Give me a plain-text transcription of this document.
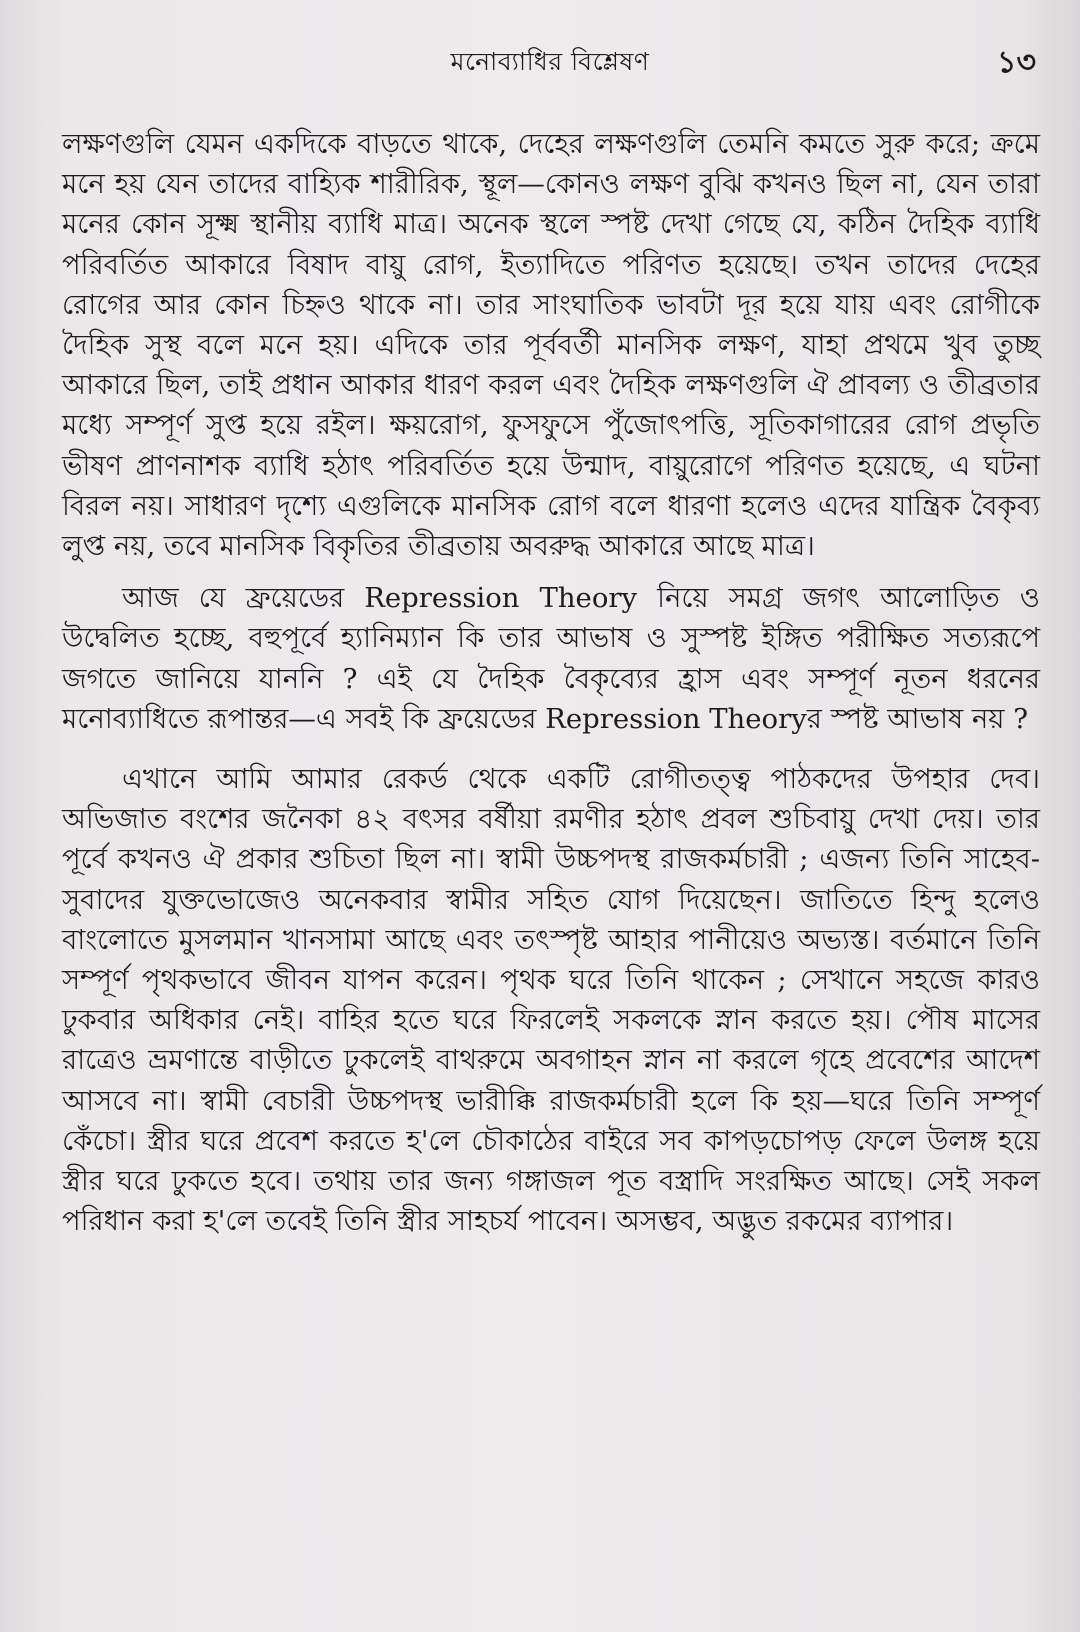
মনোব্যাধির বিশ্লেষণ	১৩

লক্ষণগুলি যেমন একদিকে বাড়তে থাকে, দেহের লক্ষণগুলি তেমনি কমতে সুরু করে; ক্রমে মনে হয় যেন তাদের বাহ্যিক শারীরিক, স্থূল—কোনও লক্ষণ বুঝি কখনও ছিল না, যেন তারা মনের কোন সূক্ষ্ম স্থানীয় ব্যাধি মাত্র। অনেক স্থলে স্পষ্ট দেখা গেছে যে, কঠিন দৈহিক ব্যাধি পরিবর্তিত আকারে বিষাদ বায়ু রোগ, ইত্যাদিতে পরিণত হয়েছে। তখন তাদের দেহের রোগের আর কোন চিহ্নও থাকে না। তার সাংঘাতিক ভাবটা দূর হয়ে যায় এবং রোগীকে দৈহিক সুস্থ বলে মনে হয়। এদিকে তার পূর্ববর্তী মানসিক লক্ষণ, যাহা প্রথমে খুব তুচ্ছ আকারে ছিল, তাই প্রধান আকার ধারণ করল এবং দৈহিক লক্ষণগুলি ঐ প্রাবল্য ও তীব্রতার মধ্যে সম্পূর্ণ সুপ্ত হয়ে রইল। ক্ষয়রোগ, ফুসফুসে পুঁজোৎপত্তি, সূতিকাগারের রোগ প্রভৃতি ভীষণ প্রাণনাশক ব্যাধি হঠাৎ পরিবর্তিত হয়ে উন্মাদ, বায়ুরোগে পরিণত হয়েছে, এ ঘটনা বিরল নয়। সাধারণ দৃশ্যে এগুলিকে মানসিক রোগ বলে ধারণা হলেও এদের যান্ত্রিক বৈকৃব্য লুপ্ত নয়, তবে মানসিক বিকৃতির তীব্রতায় অবরুদ্ধ আকারে আছে মাত্র।

আজ যে ফ্রয়েডের Repression Theory নিয়ে সমগ্র জগৎ আলোড়িত ও উদ্বেলিত হচ্ছে, বহুপূর্বে হ্যানিম্যান কি তার আভাষ ও সুস্পষ্ট ইঙ্গিত পরীক্ষিত সত্যরূপে জগতে জানিয়ে যাননি ? এই যে দৈহিক বৈকৃব্যের হ্রাস এবং সম্পূর্ণ নূতন ধরনের মনোব্যাধিতে রূপান্তর—এ সবই কি ফ্রয়েডের Repression Theoryর স্পষ্ট আভাষ নয় ?

এখানে আমি আমার রেকর্ড থেকে একটি রোগীতত্ত্ব পাঠকদের উপহার দেব। অভিজাত বংশের জনৈকা ৪২ বৎসর বর্ষীয়া রমণীর হঠাৎ প্রবল শুচিবায়ু দেখা দেয়। তার পূর্বে কখনও ঐ প্রকার শুচিতা ছিল না। স্বামী উচ্চপদস্থ রাজকর্মচারী ; এজন্য তিনি সাহেব-সুবাদের যুক্তভোজেও অনেকবার স্বামীর সহিত যোগ দিয়েছেন। জাতিতে হিন্দু হলেও বাংলোতে মুসলমান খানসামা আছে এবং তৎস্পৃষ্ট আহার পানীয়েও অভ্যস্ত। বর্তমানে তিনি সম্পূর্ণ পৃথকভাবে জীবন যাপন করেন। পৃথক ঘরে তিনি থাকেন ; সেখানে সহজে কারও ঢুকবার অধিকার নেই। বাহির হতে ঘরে ফিরলেই সকলকে স্নান করতে হয়। পৌষ মাসের রাত্রেও ভ্রমণান্তে বাড়ীতে ঢুকলেই বাথরুমে অবগাহন স্নান না করলে গৃহে প্রবেশের আদেশ আসবে না। স্বামী বেচারী উচ্চপদস্থ ভারীক্কি রাজকর্মচারী হলে কি হয়—ঘরে তিনি সম্পূর্ণ কেঁচো। স্ত্রীর ঘরে প্রবেশ করতে হ'লে চৌকাঠের বাইরে সব কাপড়চোপড় ফেলে উলঙ্গ হয়ে স্ত্রীর ঘরে ঢুকতে হবে। তথায় তার জন্য গঙ্গাজল পূত বস্ত্রাদি সংরক্ষিত আছে। সেই সকল পরিধান করা হ'লে তবেই তিনি স্ত্রীর সাহচর্য পাবেন। অসম্ভব, অদ্ভুত রকমের ব্যাপার।
